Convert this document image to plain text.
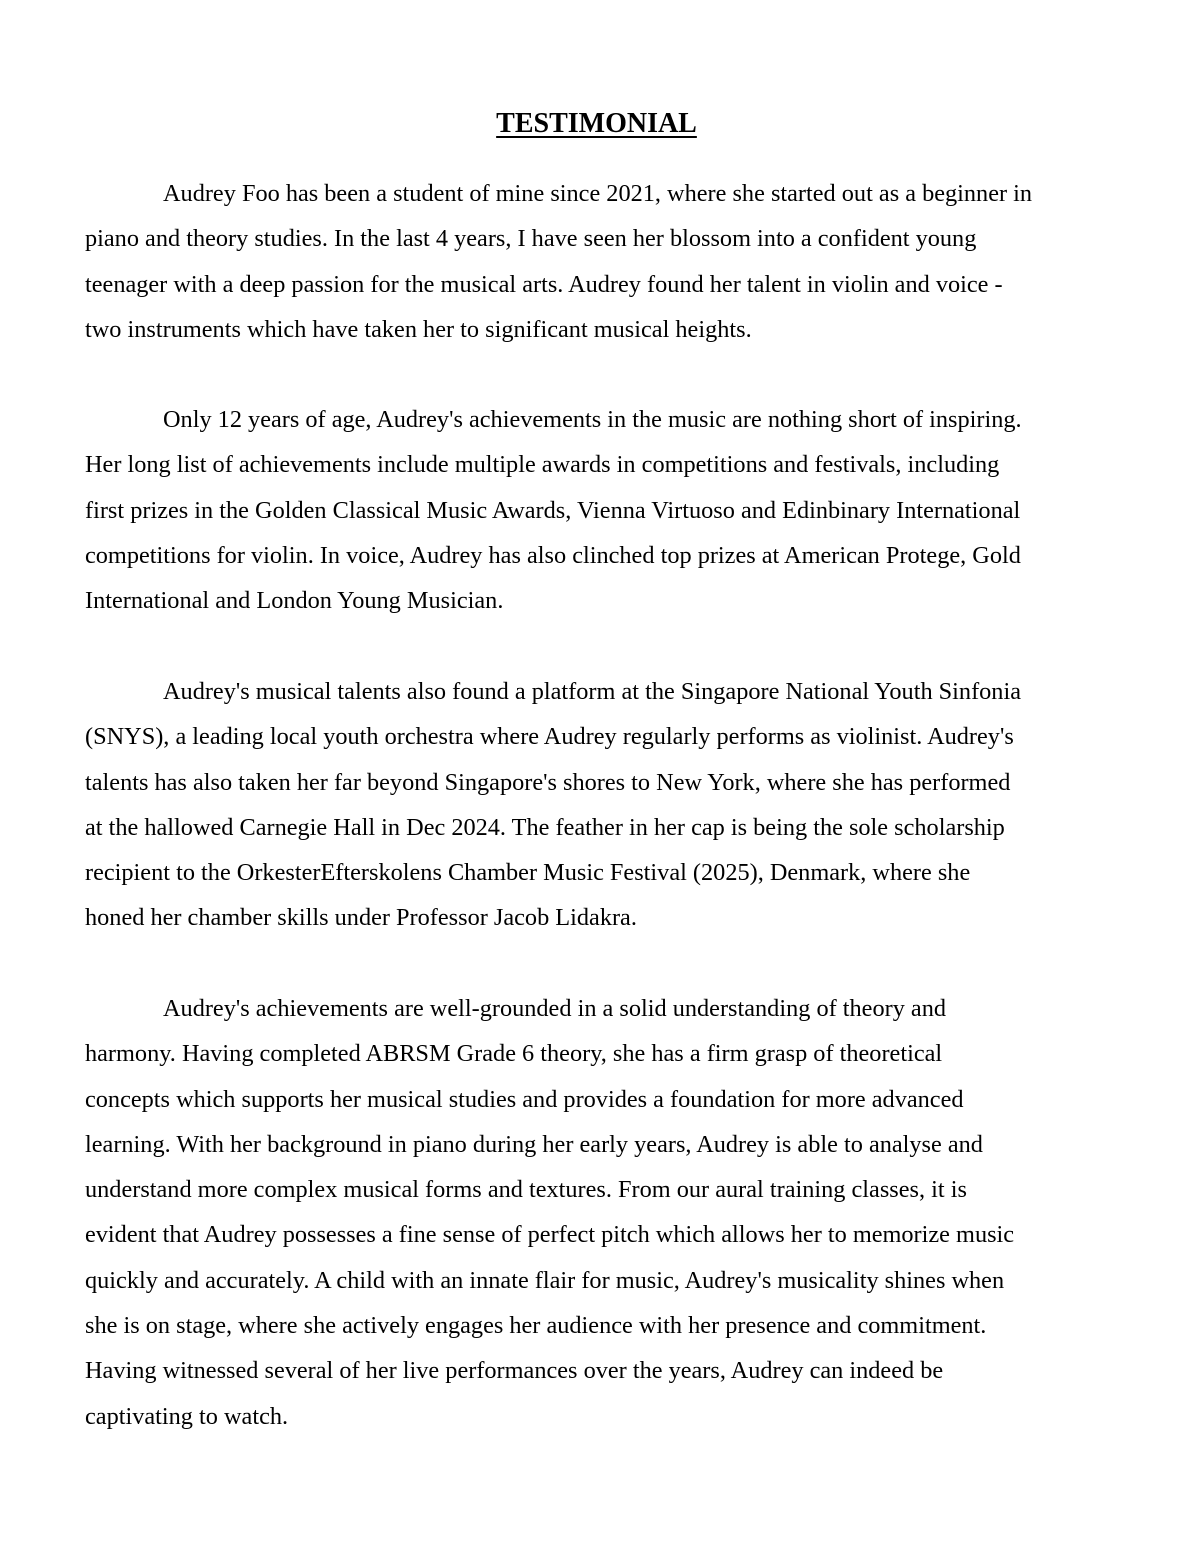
TESTIMONIAL

Audrey Foo has been a student of mine since 2021, where she started out as a beginner in
piano and theory studies. In the last 4 years, I have seen her blossom into a confident young
teenager with a deep passion for the musical arts. Audrey found her talent in violin and voice -
two instruments which have taken her to significant musical heights.

Only 12 years of age, Audrey's achievements in the music are nothing short of inspiring.
Her long list of achievements include multiple awards in competitions and festivals, including
first prizes in the Golden Classical Music Awards, Vienna Virtuoso and Edinbinary International
competitions for violin. In voice, Audrey has also clinched top prizes at American Protege, Gold
International and London Young Musician.

Audrey's musical talents also found a platform at the Singapore National Youth Sinfonia
(SNYS), a leading local youth orchestra where Audrey regularly performs as violinist. Audrey's
talents has also taken her far beyond Singapore's shores to New York, where she has performed
at the hallowed Carnegie Hall in Dec 2024. The feather in her cap is being the sole scholarship
recipient to the OrkesterEfterskolens Chamber Music Festival (2025), Denmark, where she
honed her chamber skills under Professor Jacob Lidakra.

Audrey's achievements are well-grounded in a solid understanding of theory and
harmony. Having completed ABRSM Grade 6 theory, she has a firm grasp of theoretical
concepts which supports her musical studies and provides a foundation for more advanced
learning. With her background in piano during her early years, Audrey is able to analyse and
understand more complex musical forms and textures. From our aural training classes, it is
evident that Audrey possesses a fine sense of perfect pitch which allows her to memorize music
quickly and accurately. A child with an innate flair for music, Audrey's musicality shines when
she is on stage, where she actively engages her audience with her presence and commitment.
Having witnessed several of her live performances over the years, Audrey can indeed be
captivating to watch.
